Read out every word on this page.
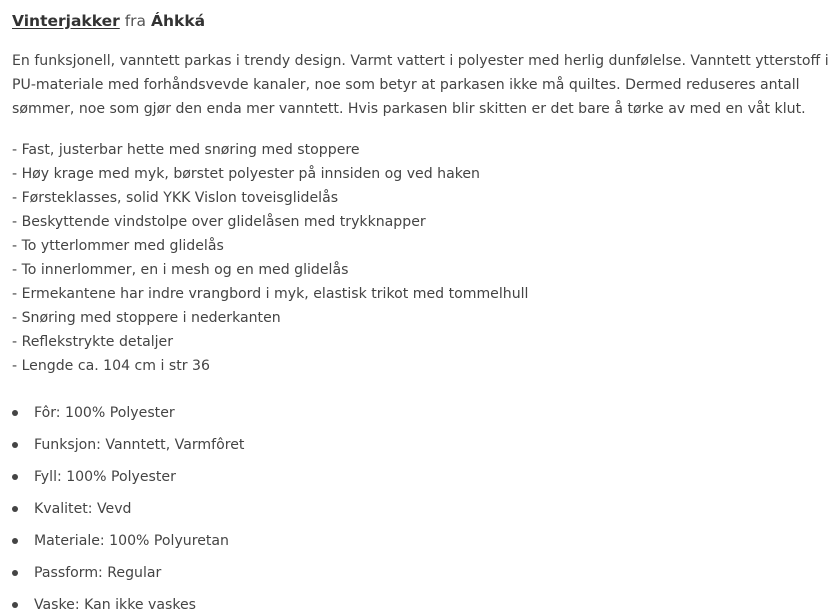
Vinterjakker fra Áhkká

En funksjonell, vanntett parkas i trendy design. Varmt vattert i polyester med herlig dunfølelse. Vanntett ytterstoff i
PU-materiale med forhåndsvevde kanaler, noe som betyr at parkasen ikke må quiltes. Dermed reduseres antall
sømmer, noe som gjør den enda mer vanntett. Hvis parkasen blir skitten er det bare å tørke av med en våt klut.

- Fast, justerbar hette med snøring med stoppere
- Høy krage med myk, børstet polyester på innsiden og ved haken
- Førsteklasses, solid YKK Vislon toveisglidelås
- Beskyttende vindstolpe over glidelåsen med trykknapper
- To ytterlommer med glidelås
- To innerlommer, en i mesh og en med glidelås
- Ermekantene har indre vrangbord i myk, elastisk trikot med tommelhull
- Snøring med stoppere i nederkanten
- Reflekstrykte detaljer
- Lengde ca. 104 cm i str 36
Fôr: 100% Polyester
Funksjon: Vanntett, Varmfôret
Fyll: 100% Polyester
Kvalitet: Vevd
Materiale: 100% Polyuretan
Passform: Regular
Vaske: Kan ikke vaskes
